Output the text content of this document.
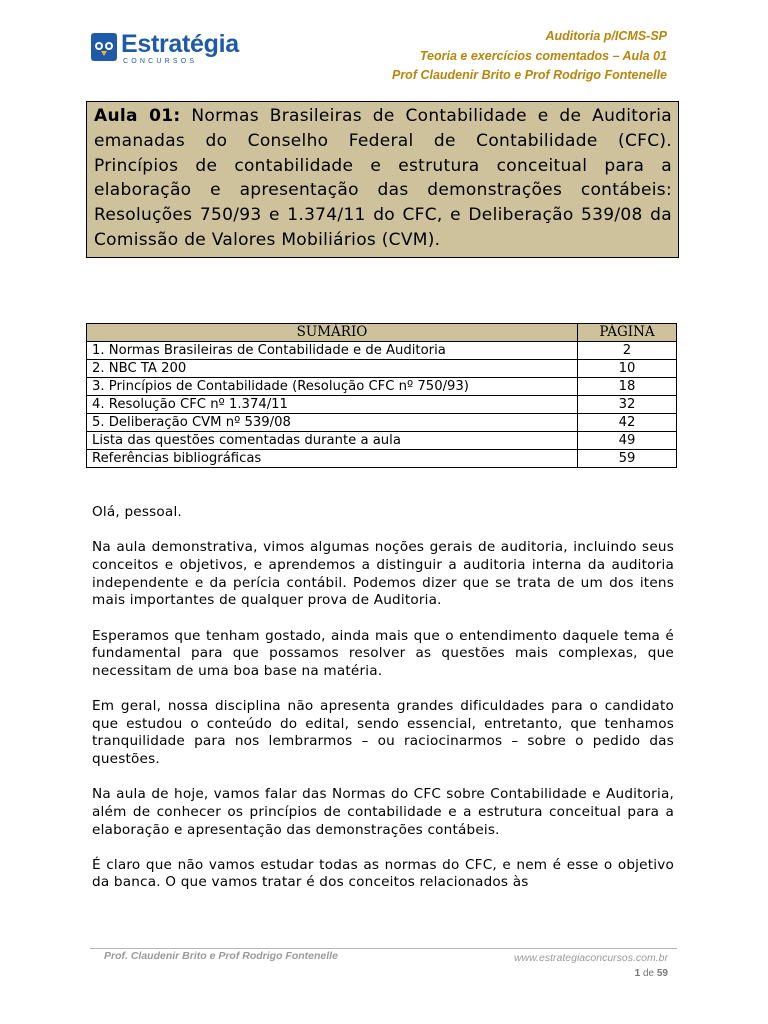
Estratégia
CONCURSOS
Auditoria p/ICMS-SP
Teoria e exercícios comentados – Aula 01
Prof Claudenir Brito e Prof Rodrigo Fontenelle
Aula 01: Normas Brasileiras de Contabilidade e de Auditoria emanadas do Conselho Federal de Contabilidade (CFC). Princípios de contabilidade e estrutura conceitual para a elaboração e apresentação das demonstrações contábeis: Resoluções 750/93 e 1.374/11 do CFC, e Deliberação 539/08 da Comissão de Valores Mobiliários (CVM).
SUMÁRIO	PÁGINA
1. Normas Brasileiras de Contabilidade e de Auditoria	2
2. NBC TA 200	10
3. Princípios de Contabilidade (Resolução CFC nº 750/93)	18
4. Resolução CFC nº 1.374/11	32
5. Deliberação CVM nº 539/08	42
Lista das questões comentadas durante a aula	49
Referências bibliográficas	59

Olá, pessoal.

Na aula demonstrativa, vimos algumas noções gerais de auditoria, incluindo seus conceitos e objetivos, e aprendemos a distinguir a auditoria interna da auditoria independente e da perícia contábil. Podemos dizer que se trata de um dos itens mais importantes de qualquer prova de Auditoria.

Esperamos que tenham gostado, ainda mais que o entendimento daquele tema é fundamental para que possamos resolver as questões mais complexas, que necessitam de uma boa base na matéria.

Em geral, nossa disciplina não apresenta grandes dificuldades para o candidato que estudou o conteúdo do edital, sendo essencial, entretanto, que tenhamos tranquilidade para nos lembrarmos – ou raciocinarmos – sobre o pedido das questões.

Na aula de hoje, vamos falar das Normas do CFC sobre Contabilidade e Auditoria, além de conhecer os princípios de contabilidade e a estrutura conceitual para a elaboração e apresentação das demonstrações contábeis.

É claro que não vamos estudar todas as normas do CFC, e nem é esse o objetivo da banca. O que vamos tratar é dos conceitos relacionados às

Prof. Claudenir Brito e Prof Rodrigo Fontenelle	www.estrategiaconcursos.com.br
1 de 59
